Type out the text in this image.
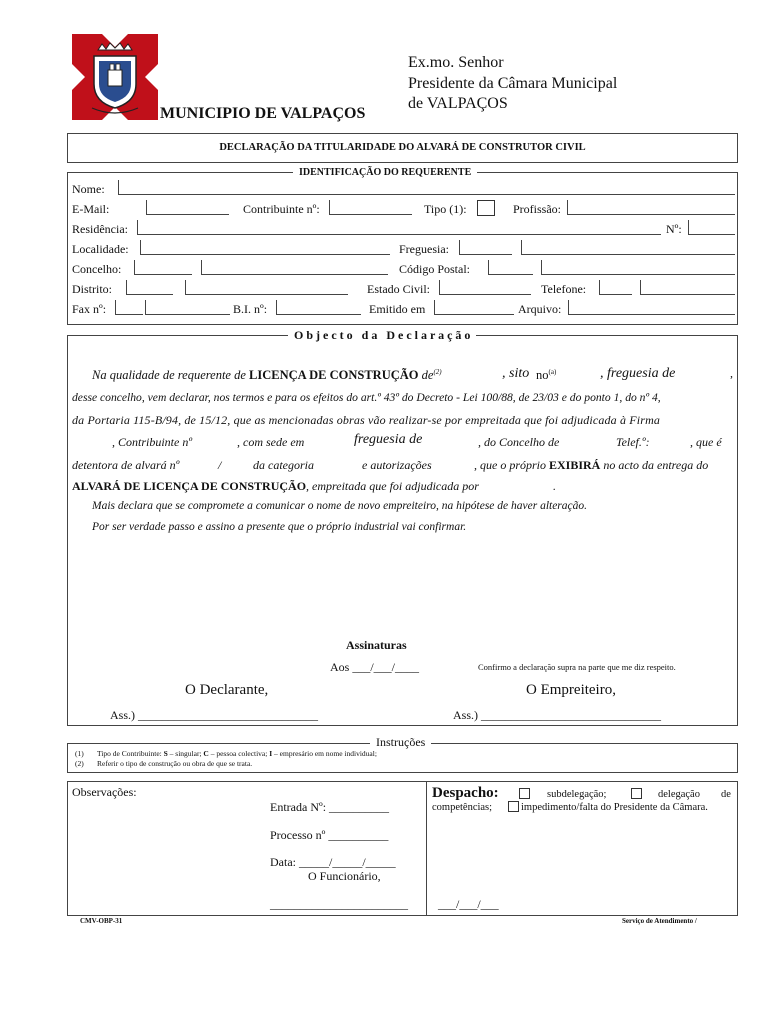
MUNICIPIO DE VALPAÇOS
Ex.mo. Senhor
Presidente da Câmara Municipal
de VALPAÇOS
DECLARAÇÃO DA TITULARIDADE DO ALVARÁ DE CONSTRUTOR CIVIL
IDENTIFICAÇÃO DO REQUERENTE
Nome:
E-Mail:	Contribuinte nº:	Tipo (1):	Profissão:
Residência:	Nº:
Localidade:	Freguesia:
Concelho:	Código Postal:
Distrito:	Estado Civil:	Telefone:
Fax nº:	B.I. nº:	Emitido em	Arquivo:
O b j e c t o   d a   D e c l a r a ç ã o
Na qualidade de requerente de LICENÇA DE CONSTRUÇÃO $de^{(2)}$	, sito $no^{(a)}$	, freguesia de	,
desse concelho, vem declarar, nos termos e para os efeitos do art.º 43º do Decreto - Lei 100/88, de 23/03 e do ponto 1, do nº 4,
da Portaria 115-B/94, de 15/12, que as mencionadas obras vão realizar-se por empreitada que foi adjudicada à Firma
, Contribuinte nº	, com sede em	freguesia de	, do Concelho de	Telef.º:	, que é
detentora de alvará nº	/	da categoria	e autorizações	, que o próprio EXIBIRÁ no acto da entrega do
ALVARÁ DE LICENÇA DE CONSTRUÇÃO, empreitada que foi adjudicada por	.
Mais declara que se compromete a comunicar o nome de novo empreiteiro, na hipótese de haver alteração.
Por ser verdade passo e assino a presente que o próprio industrial vai confirmar.
Assinaturas
Aos ___/___/____	Confirmo a declaração supra na parte que me diz respeito.
O Declarante,	O Empreiteiro,
Ass.) ______________________________	Ass.) ______________________________
Instruções
(1) Tipo de Contribuinte: S – singular; C – pessoa colectiva; I – empresário em nome individual;
(2) Referir o tipo de construção ou obra de que se trata.
Observações:
Entrada Nº: __________
Processo nº __________
Data: _____/_____/_____
O Funcionário,
_______________________
Despacho:	subdelegação;	delegação de
competências;	impedimento/falta do Presidente da Câmara.
___/___/___
CMV-OBP-31	Serviço de Atendimento /
